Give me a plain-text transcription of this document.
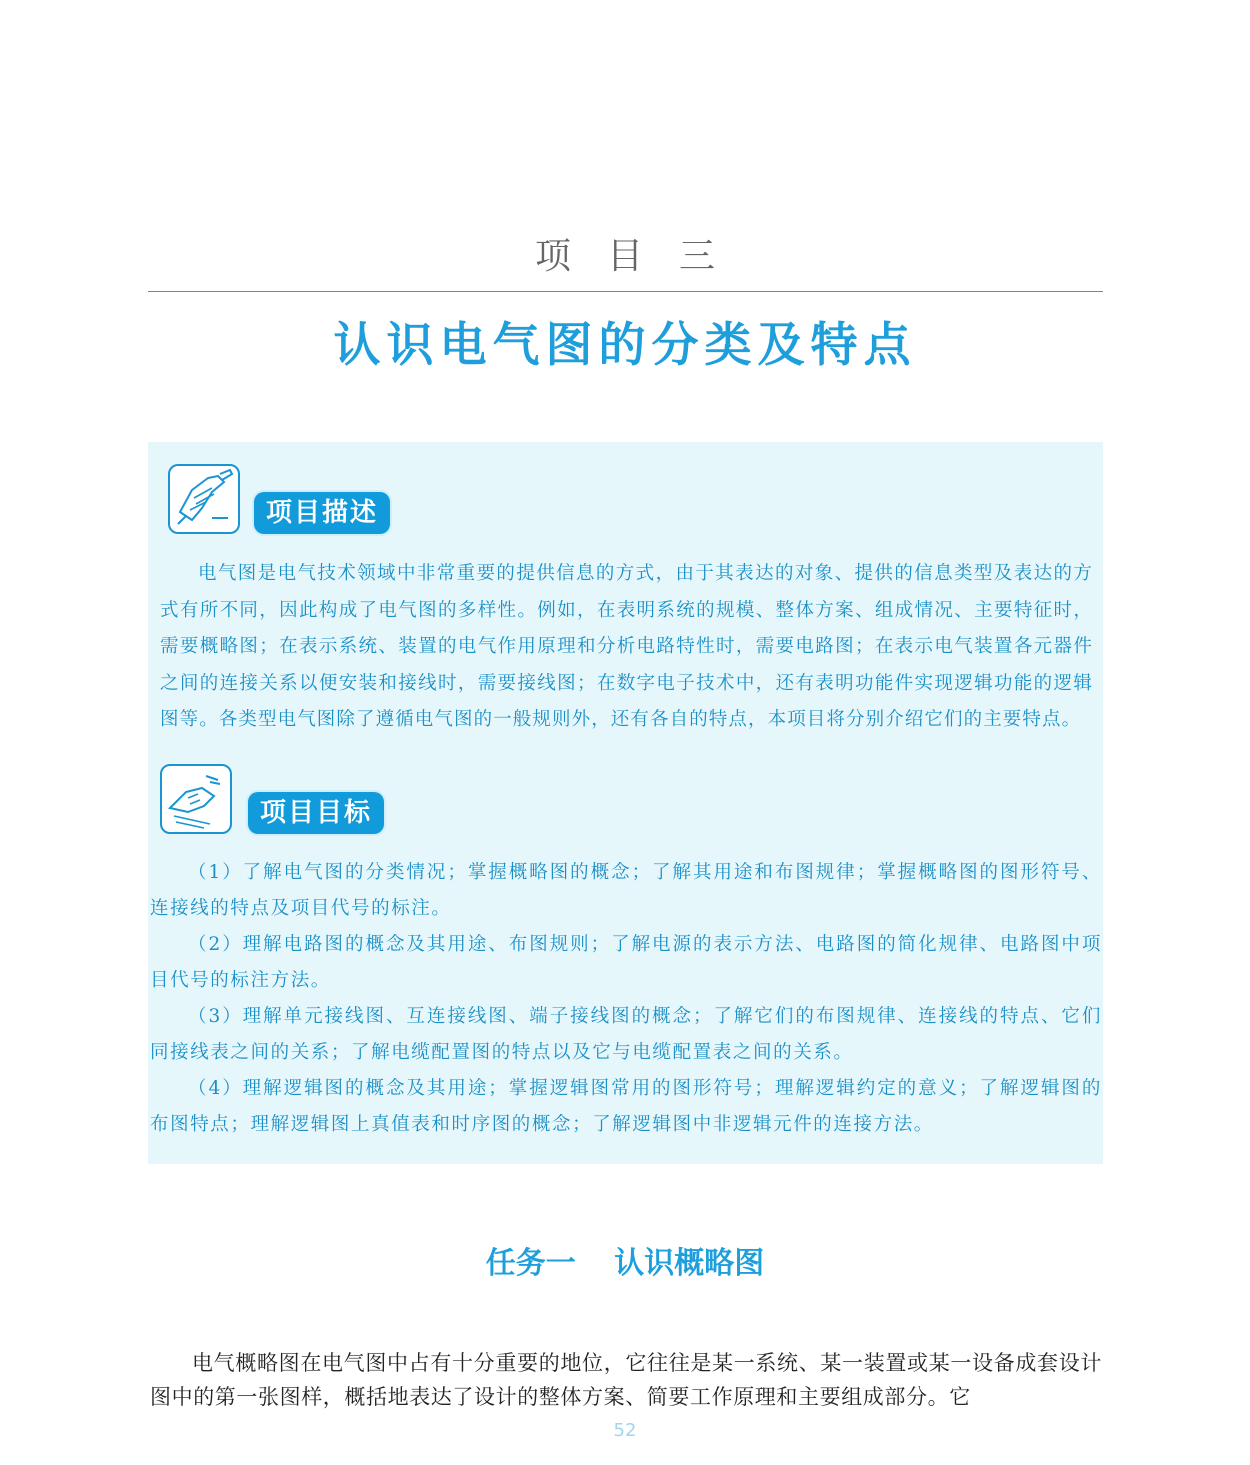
项目三
认识电气图的分类及特点
项目描述
电气图是电气技术领域中非常重要的提供信息的方式，由于其表达的对象、提供的信息类型及表达的方式有所不同，因此构成了电气图的多样性。例如，在表明系统的规模、整体方案、组成情况、主要特征时，需要概略图；在表示系统、装置的电气作用原理和分析电路特性时，需要电路图；在表示电气装置各元器件之间的连接关系以便安装和接线时，需要接线图；在数字电子技术中，还有表明功能件实现逻辑功能的逻辑图等。各类型电气图除了遵循电气图的一般规则外，还有各自的特点，本项目将分别介绍它们的主要特点。
项目目标

（1）了解电气图的分类情况；掌握概略图的概念；了解其用途和布图规律；掌握概略图的图形符号、连接线的特点及项目代号的标注。

（2）理解电路图的概念及其用途、布图规则；了解电源的表示方法、电路图的简化规律、电路图中项目代号的标注方法。

（3）理解单元接线图、互连接线图、端子接线图的概念；了解它们的布图规律、连接线的特点、它们同接线表之间的关系；了解电缆配置图的特点以及它与电缆配置表之间的关系。

（4）理解逻辑图的概念及其用途；掌握逻辑图常用的图形符号；理解逻辑约定的意义；了解逻辑图的布图特点；理解逻辑图上真值表和时序图的概念；了解逻辑图中非逻辑元件的连接方法。

任务一 认识概略图
电气概略图在电气图中占有十分重要的地位，它往往是某一系统、某一装置或某一设备成套设计图中的第一张图样，概括地表达了设计的整体方案、简要工作原理和主要组成部分。它
52
